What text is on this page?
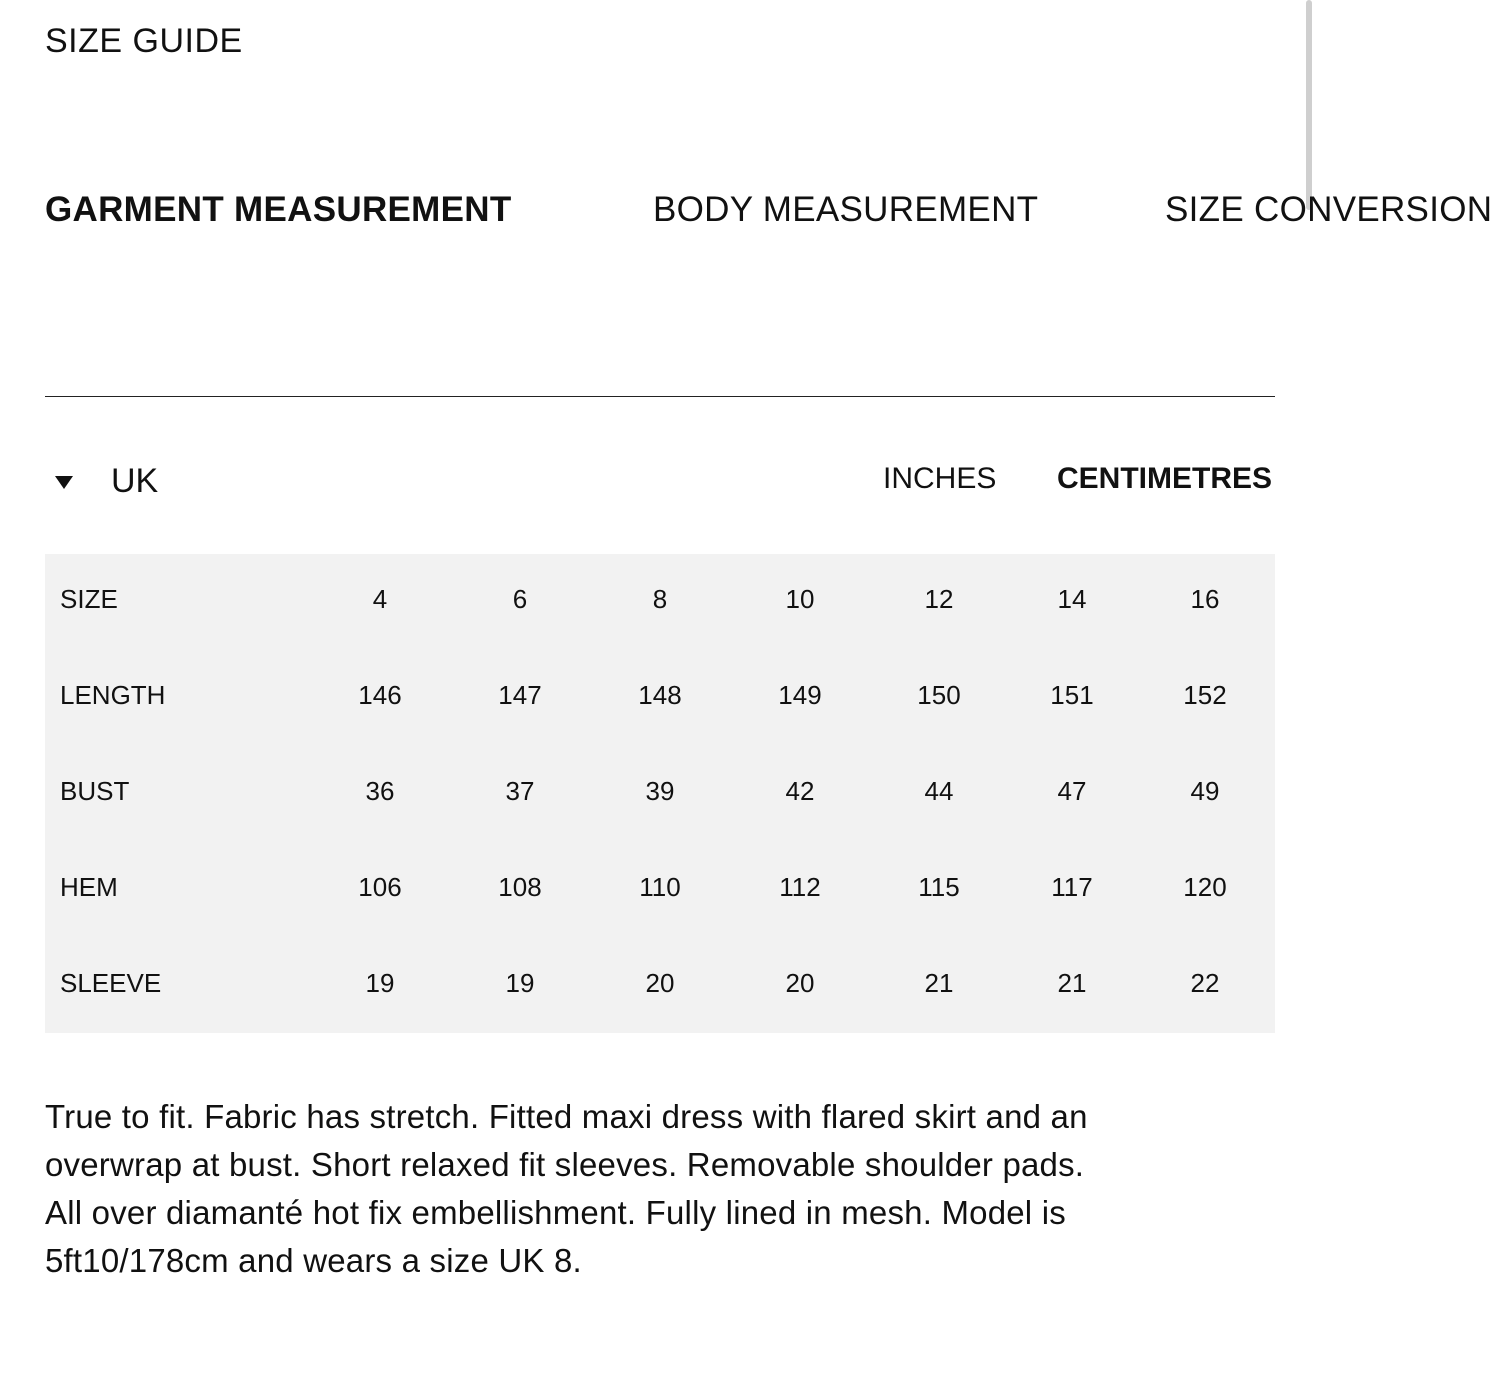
SIZE GUIDE
GARMENT MEASUREMENT	BODY MEASUREMENT	SIZE CONVERSION
UK	INCHES CENTIMETRES
SIZE	4	6	8	10	12	14	16
LENGTH	146	147	148	149	150	151	152
BUST	36	37	39	42	44	47	49
HEM	106	108	110	112	115	117	120
SLEEVE	19	19	20	20	21	21	22
True to fit. Fabric has stretch. Fitted maxi dress with flared skirt and an overwrap at bust. Short relaxed fit sleeves. Removable shoulder pads. All over diamanté hot fix embellishment. Fully lined in mesh. Model is 5ft10/178cm and wears a size UK 8.
